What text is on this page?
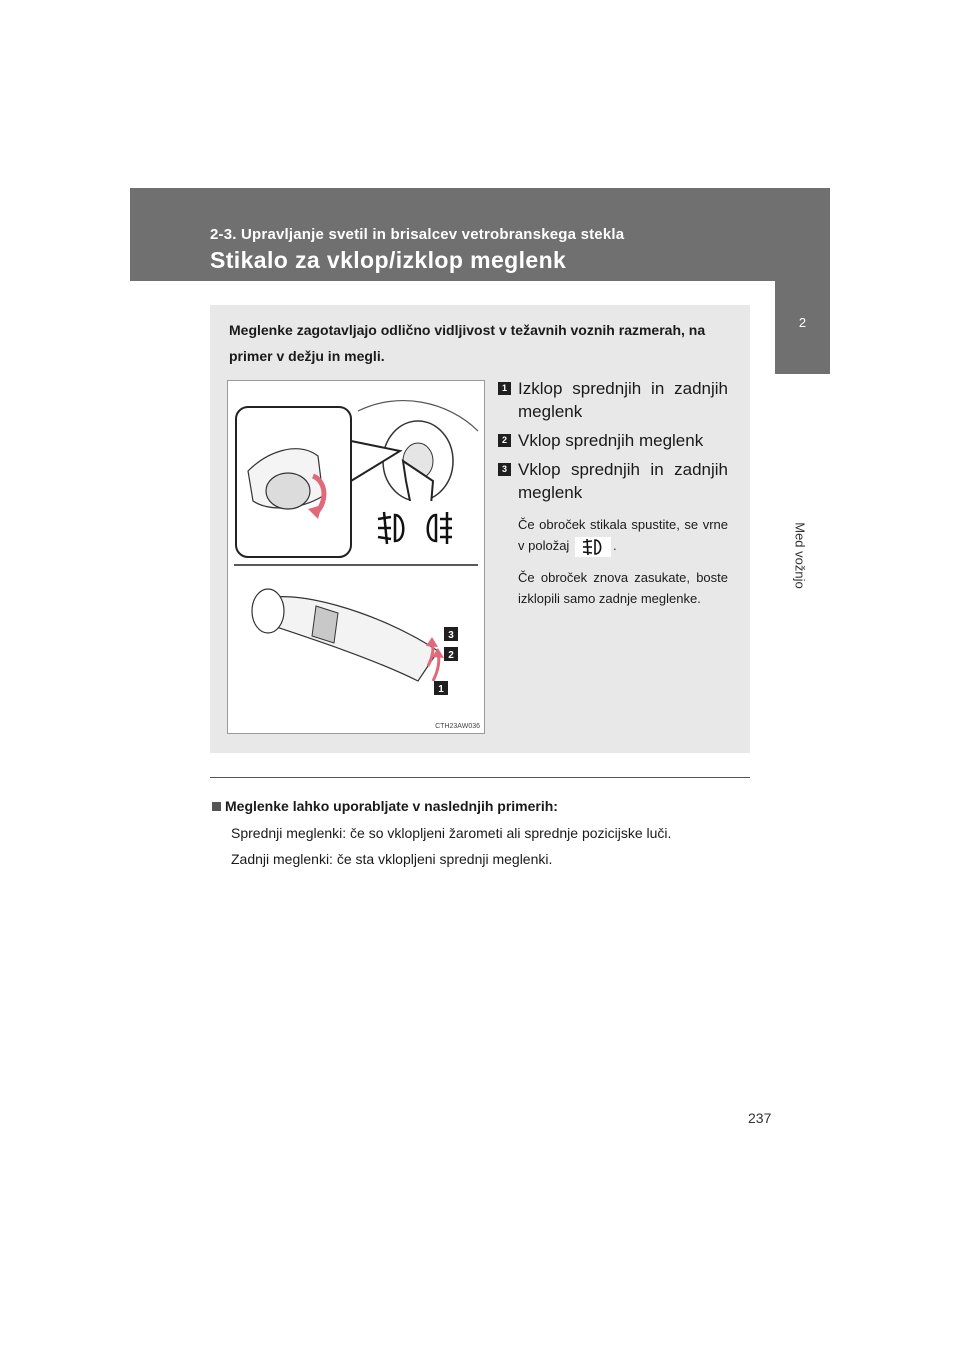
2-3. Upravljanje svetil in brisalcev vetrobranskega stekla
Stikalo za vklop/izklop meglenk
2
Med vožnjo
Meglenke zagotavljajo odlično vidljivost v težavnih voznih razmerah, na primer v dežju in megli.
3
2
1
CTH23AW036
1 Izklop sprednjih in zadnjih meglenk
2 Vklop sprednjih meglenk
3 Vklop sprednjih in zadnjih meglenk
Če obroček stikala spustite, se vrne v položaj	.
Če obroček znova zasukate, boste izklopili samo zadnje meglenke.
Meglenke lahko uporabljate v naslednjih primerih:
Sprednji meglenki: če so vklopljeni žarometi ali sprednje pozicijske luči.
Zadnji meglenki: če sta vklopljeni sprednji meglenki.
237
